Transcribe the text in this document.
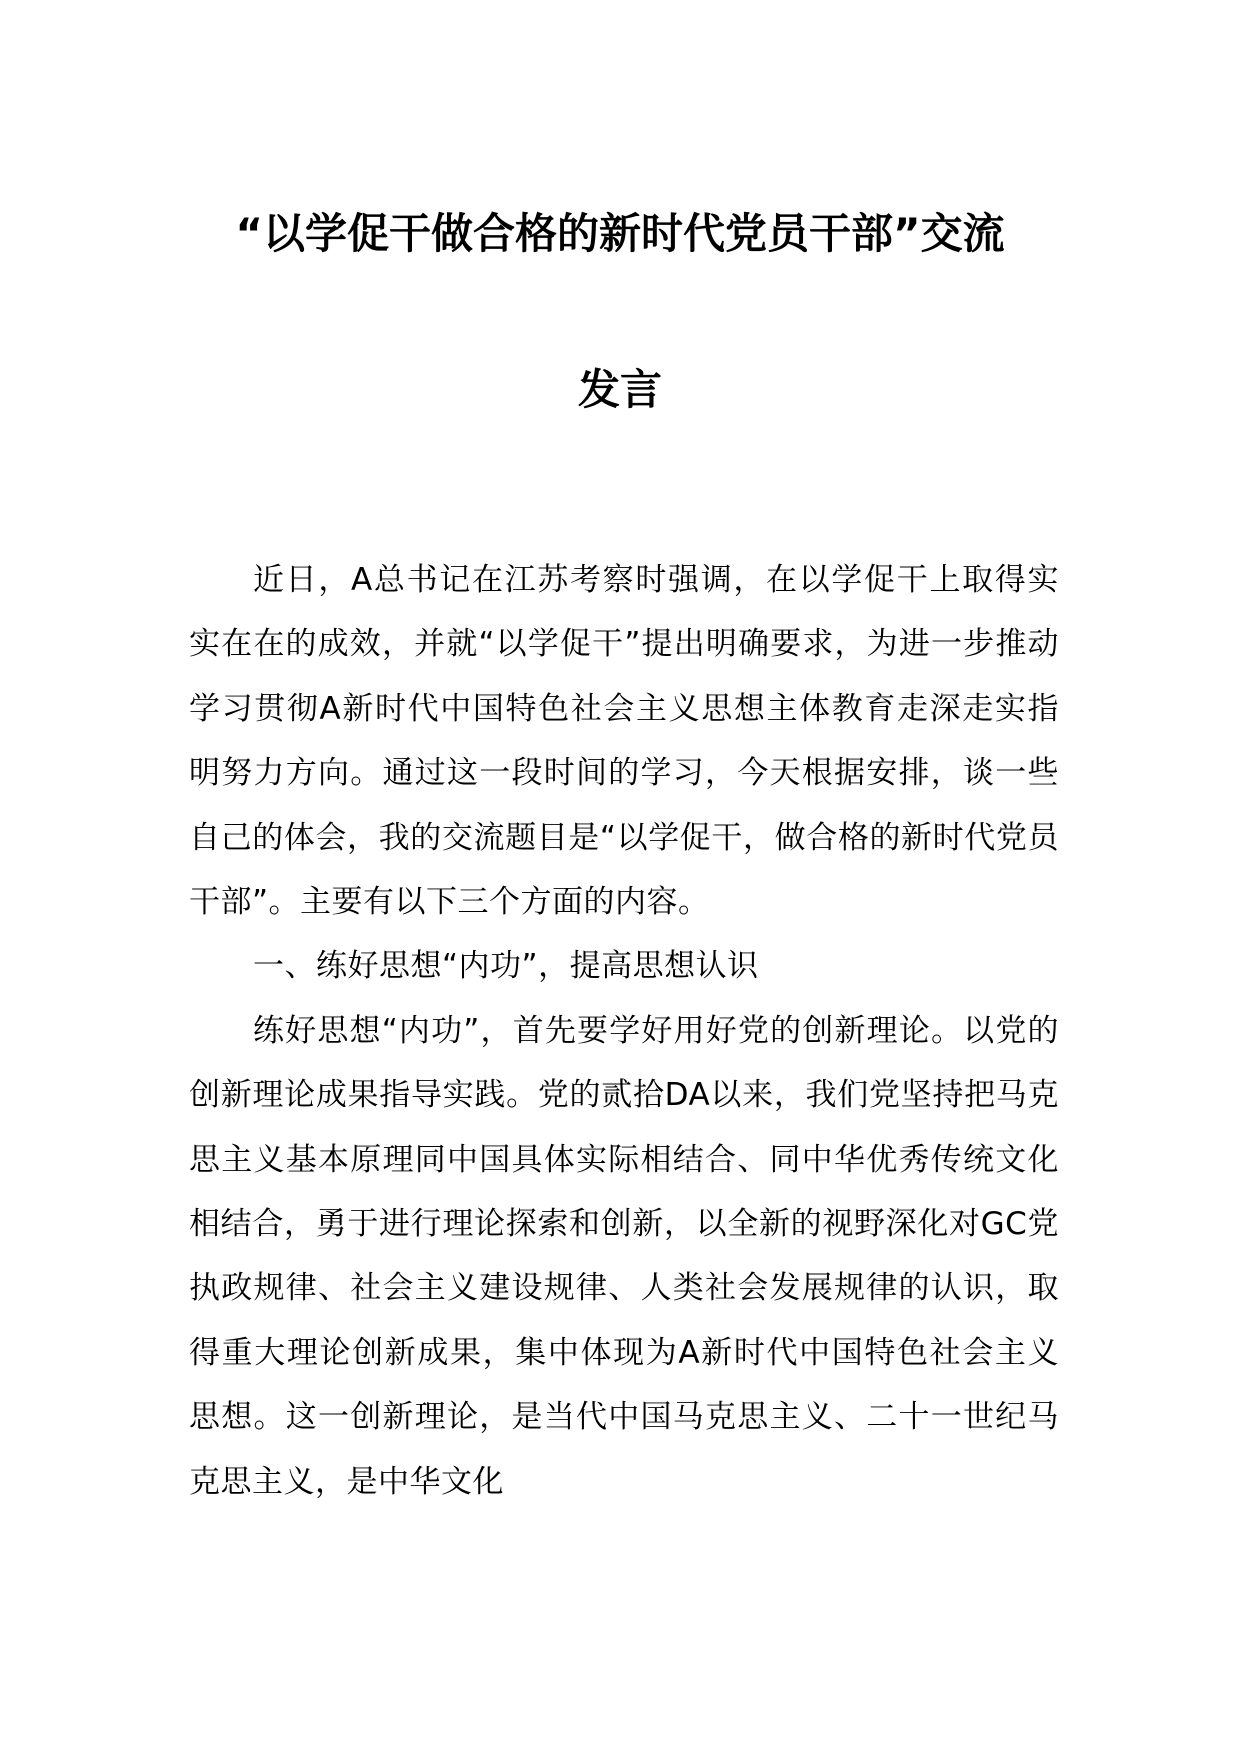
“以学促干做合格的新时代党员干部”交流
发言

近日，A总书记在江苏考察时强调，在以学促干上取得实实在在的成效，并就“以学促干”提出明确要求，为进一步推动学习贯彻A新时代中国特色社会主义思想主体教育走深走实指明努力方向。通过这一段时间的学习，今天根据安排，谈一些自己的体会，我的交流题目是“以学促干，做合格的新时代党员干部”。主要有以下三个方面的内容。

一、练好思想“内功”，提高思想认识

练好思想“内功”，首先要学好用好党的创新理论。以党的创新理论成果指导实践。党的贰拾DA以来，我们党坚持把马克思主义基本原理同中国具体实际相结合、同中华优秀传统文化相结合，勇于进行理论探索和创新，以全新的视野深化对GC党执政规律、社会主义建设规律、人类社会发展规律的认识，取得重大理论创新成果，集中体现为A新时代中国特色社会主义思想。这一创新理论，是当代中国马克思主义、二十一世纪马克思主义，是中华文化
